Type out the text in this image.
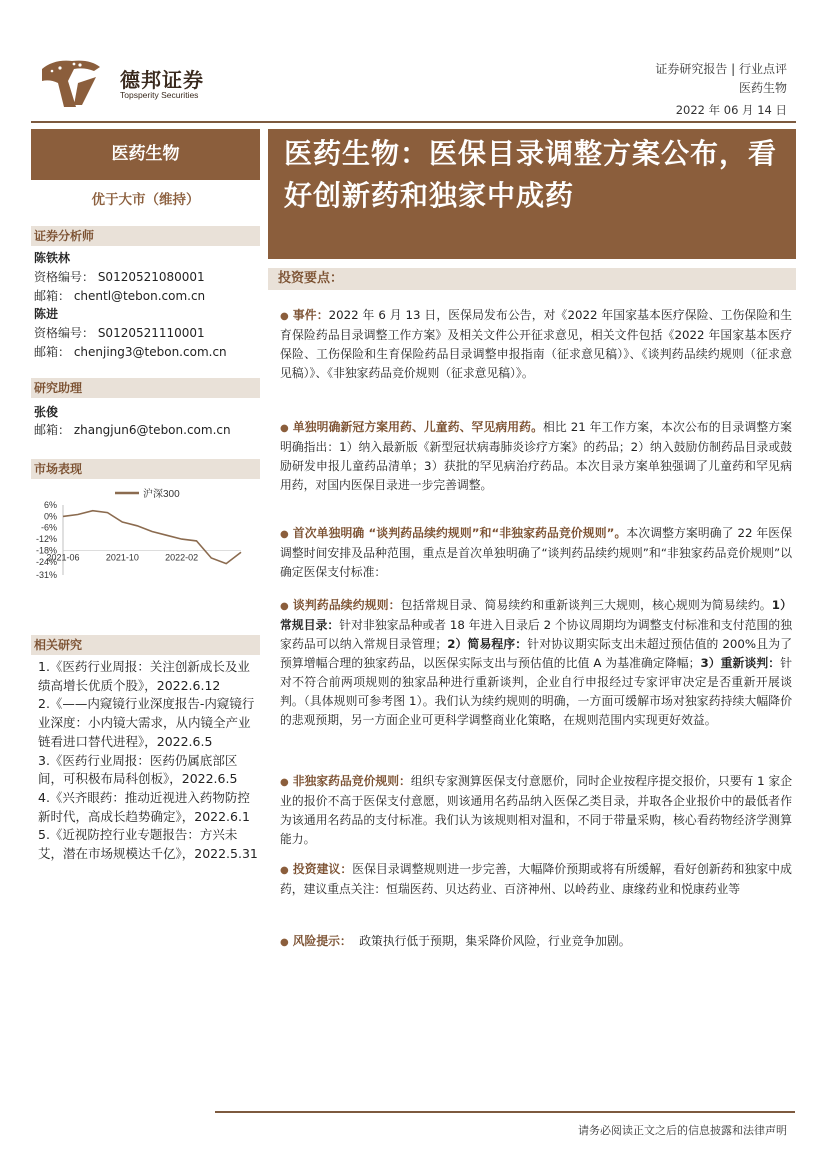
德邦证券
Topsperity Securities
证券研究报告 | 行业点评
医药生物
2022 年 06 月 14 日
医药生物
优于大市（维持）
证券分析师
陈铁林
资格编号： S0120521080001
邮箱： chentl@tebon.com.cn
陈进
资格编号： S0120521110001
邮箱： chenjing3@tebon.com.cn
研究助理
张俊
邮箱： zhangjun6@tebon.com.cn
市场表现
6%
0%
-6%
-12%
-18%
-24%
-31%
2021-06	2021-10	2022-02
沪深300
相关研究
1.《医药行业周报：关注创新成长及业绩高增长优质个股》，2022.6.12
2.《——内窥镜行业深度报告-内窥镜行业深度：小内镜大需求，从内镜全产业链看进口替代进程》，2022.6.5
3.《医药行业周报：医药仍属底部区间，可积极布局科创板》，2022.6.5
4.《兴齐眼药：推动近视进入药物防控新时代，高成长趋势确定》，2022.6.1
5.《近视防控行业专题报告：方兴未艾，潜在市场规模达千亿》，2022.5.31
医药生物：医保目录调整方案公布，看好创新药和独家中成药
投资要点：
● 事件：2022 年 6 月 13 日，医保局发布公告，对《2022 年国家基本医疗保险、工伤保险和生育保险药品目录调整工作方案》及相关文件公开征求意见，相关文件包括《2022 年国家基本医疗保险、工伤保险和生育保险药品目录调整申报指南（征求意见稿）》、《谈判药品续约规则（征求意见稿）》、《非独家药品竞价规则（征求意见稿）》。
● 单独明确新冠方案用药、儿童药、罕见病用药。相比 21 年工作方案，本次公布的目录调整方案明确指出：1）纳入最新版《新型冠状病毒肺炎诊疗方案》的药品；2）纳入鼓励仿制药品目录或鼓励研发申报儿童药品清单；3）获批的罕见病治疗药品。本次目录方案单独强调了儿童药和罕见病用药，对国内医保目录进一步完善调整。
● 首次单独明确 “谈判药品续约规则”和“非独家药品竞价规则”。本次调整方案明确了 22 年医保调整时间安排及品种范围，重点是首次单独明确了“谈判药品续约规则”和“非独家药品竞价规则”以确定医保支付标准：
● 谈判药品续约规则：包括常规目录、简易续约和重新谈判三大规则，核心规则为简易续约。1）常规目录：针对非独家品种或者 18 年进入目录后 2 个协议周期均为调整支付标准和支付范围的独家药品可以纳入常规目录管理；2）简易程序：针对协议期实际支出未超过预估值的 200%且为了预算增幅合理的独家药品，以医保实际支出与预估值的比值 A 为基准确定降幅；3）重新谈判：针对不符合前两项规则的独家品种进行重新谈判，企业自行申报经过专家评审决定是否重新开展谈判。（具体规则可参考图 1）。我们认为续约规则的明确，一方面可缓解市场对独家药持续大幅降价的悲观预期，另一方面企业可更科学调整商业化策略，在规则范围内实现更好效益。
● 非独家药品竞价规则：组织专家测算医保支付意愿价，同时企业按程序提交报价，只要有 1 家企业的报价不高于医保支付意愿，则该通用名药品纳入医保乙类目录，并取各企业报价中的最低者作为该通用名药品的支付标准。我们认为该规则相对温和，不同于带量采购，核心看药物经济学测算能力。
● 投资建议：医保目录调整规则进一步完善，大幅降价预期或将有所缓解，看好创新药和独家中成药，建议重点关注：恒瑞医药、贝达药业、百济神州、以岭药业、康缘药业和悦康药业等
● 风险提示： 政策执行低于预期，集采降价风险，行业竞争加剧。
请务必阅读正文之后的信息披露和法律声明
